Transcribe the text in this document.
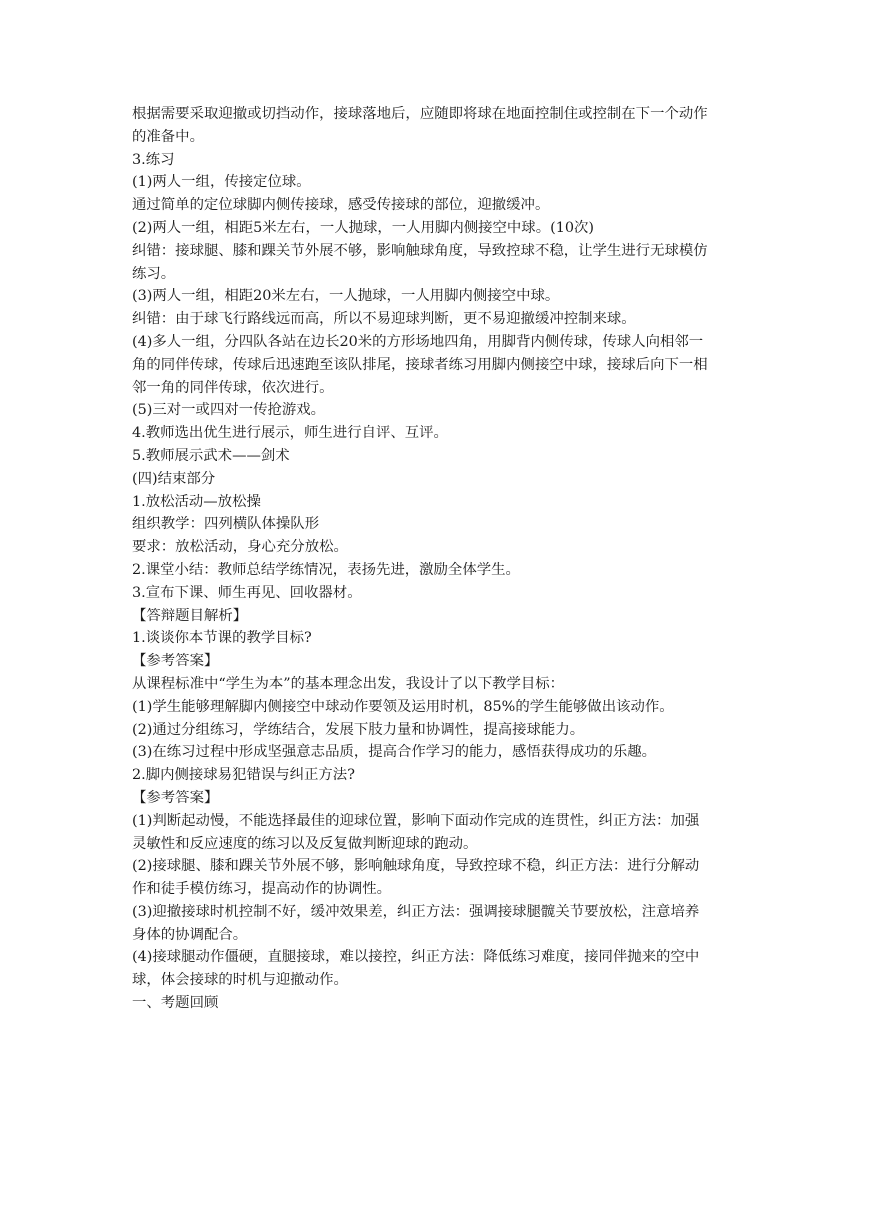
根据需要采取迎撤或切挡动作，接球落地后，应随即将球在地面控制住或控制在下一个动作

的准备中。

3.练习

(1)两人一组，传接定位球。

通过简单的定位球脚内侧传接球，感受传接球的部位，迎撤缓冲。

(2)两人一组，相距5米左右，一人抛球，一人用脚内侧接空中球。(10次)

纠错：接球腿、膝和踝关节外展不够，影响触球角度，导致控球不稳，让学生进行无球模仿

练习。

(3)两人一组，相距20米左右，一人抛球，一人用脚内侧接空中球。

纠错：由于球飞行路线远而高，所以不易迎球判断，更不易迎撤缓冲控制来球。

(4)多人一组，分四队各站在边长20米的方形场地四角，用脚背内侧传球，传球人向相邻一

角的同伴传球，传球后迅速跑至该队排尾，接球者练习用脚内侧接空中球，接球后向下一相

邻一角的同伴传球，依次进行。

(5)三对一或四对一传抢游戏。

4.教师选出优生进行展示，师生进行自评、互评。

5.教师展示武术——剑术

(四)结束部分

1.放松活动—放松操

组织教学：四列横队体操队形

要求：放松活动，身心充分放松。

2.课堂小结：教师总结学练情况，表扬先进，激励全体学生。

3.宣布下课、师生再见、回收器材。

【答辩题目解析】

1.谈谈你本节课的教学目标?

【参考答案】

从课程标准中“学生为本”的基本理念出发，我设计了以下教学目标：

(1)学生能够理解脚内侧接空中球动作要领及运用时机，85%的学生能够做出该动作。

(2)通过分组练习，学练结合，发展下肢力量和协调性，提高接球能力。

(3)在练习过程中形成坚强意志品质，提高合作学习的能力，感悟获得成功的乐趣。

2.脚内侧接球易犯错误与纠正方法?

【参考答案】

(1)判断起动慢，不能选择最佳的迎球位置，影响下面动作完成的连贯性，纠正方法：加强

灵敏性和反应速度的练习以及反复做判断迎球的跑动。

(2)接球腿、膝和踝关节外展不够，影响触球角度，导致控球不稳，纠正方法：进行分解动

作和徒手模仿练习，提高动作的协调性。

(3)迎撤接球时机控制不好，缓冲效果差，纠正方法：强调接球腿髋关节要放松，注意培养

身体的协调配合。

(4)接球腿动作僵硬，直腿接球，难以接控，纠正方法：降低练习难度，接同伴抛来的空中

球，体会接球的时机与迎撤动作。

一、考题回顾
